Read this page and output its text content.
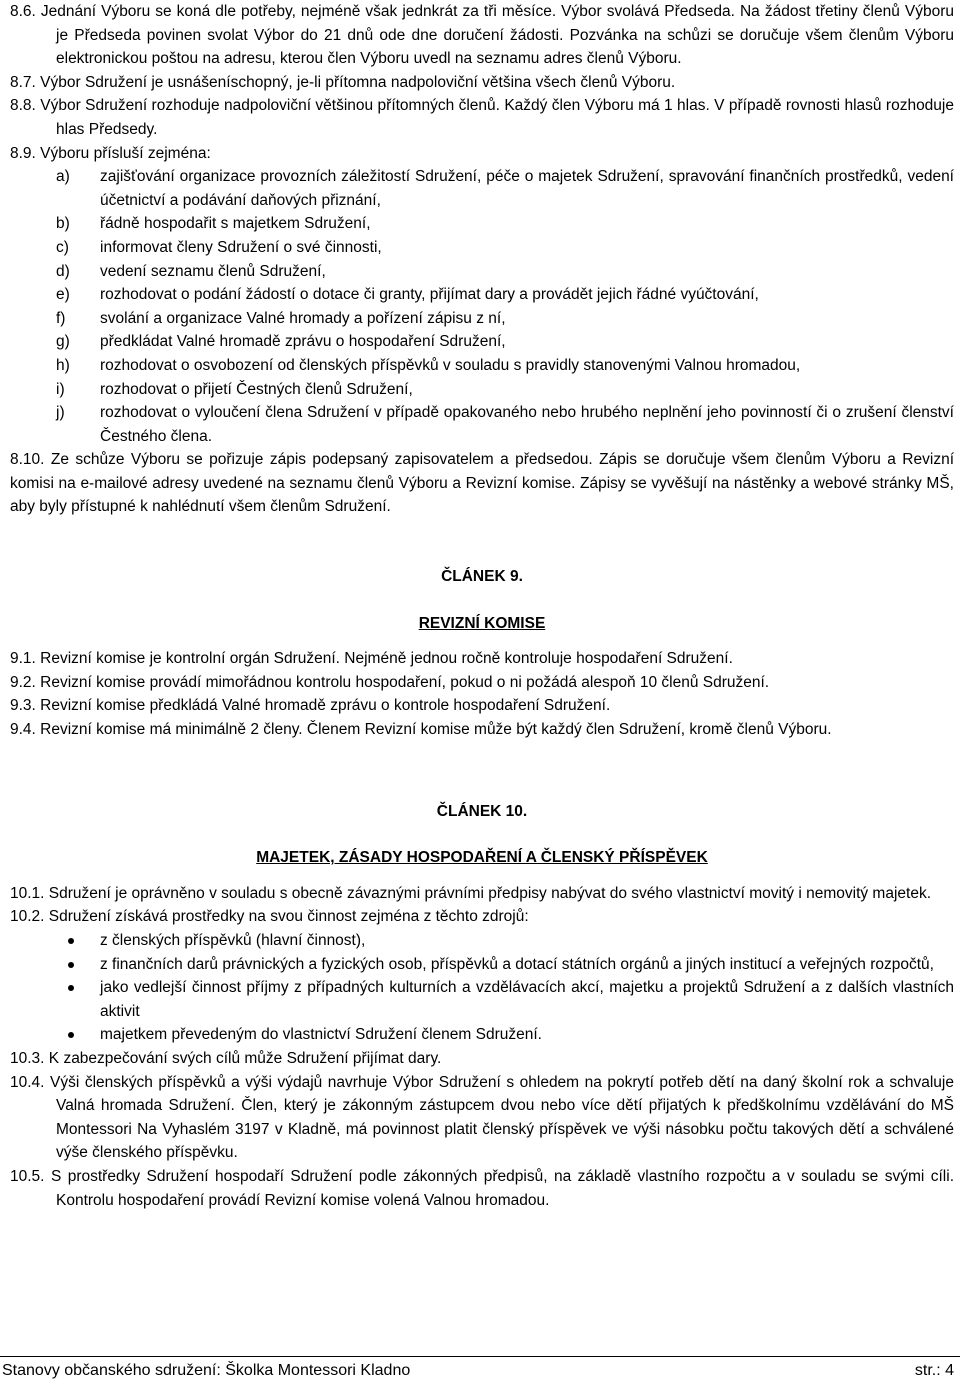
8.6. Jednání Výboru se koná dle potřeby, nejméně však jednkrát za tři měsíce. Výbor svolává Předseda. Na žádost třetiny členů Výboru je Předseda povinen svolat Výbor do 21 dnů ode dne doručení žádosti. Pozvánka na schůzi se doručuje všem členům Výboru elektronickou poštou na adresu, kterou člen Výboru uvedl na seznamu adres členů Výboru.
8.7. Výbor Sdružení je usnášeníschopný, je-li přítomna nadpoloviční většina všech členů Výboru.
8.8. Výbor Sdružení rozhoduje nadpoloviční většinou přítomných členů. Každý člen Výboru má 1 hlas. V případě rovnosti hlasů rozhoduje hlas Předsedy.
8.9. Výboru přísluší zejména:
a)	zajišťování organizace provozních záležitostí Sdružení, péče o majetek Sdružení, spravování finančních prostředků, vedení účetnictví a podávání daňových přiznání,
b)	řádně hospodařit s majetkem Sdružení,
c)	informovat členy Sdružení o své činnosti,
d)	vedení seznamu členů Sdružení,
e)	rozhodovat o podání žádostí o dotace či granty, přijímat dary a provádět jejich řádné vyúčtování,
f)	svolání a organizace Valné hromady a pořízení zápisu z ní,
g)	předkládat Valné hromadě zprávu o hospodaření Sdružení,
h)	rozhodovat o osvobození od členských příspěvků v souladu s pravidly stanovenými Valnou hromadou,
i)	rozhodovat o přijetí Čestných členů Sdružení,
j)	rozhodovat o vyloučení člena Sdružení v případě opakovaného nebo hrubého neplnění jeho povinností či o zrušení členství Čestného člena.
8.10. Ze schůze Výboru se pořizuje zápis podepsaný zapisovatelem a předsedou. Zápis se doručuje všem členům Výboru a Revizní komisi na e-mailové adresy uvedené na seznamu členů Výboru a Revizní komise. Zápisy se vyvěšují na nástěnky a webové stránky MŠ, aby byly přístupné k nahlédnutí všem členům Sdružení.
ČLÁNEK 9.
REVIZNÍ KOMISE
9.1. Revizní komise je kontrolní orgán Sdružení. Nejméně jednou ročně kontroluje hospodaření Sdružení.
9.2. Revizní komise provádí mimořádnou kontrolu hospodaření, pokud o ni požádá alespoň 10 členů Sdružení.
9.3. Revizní komise předkládá Valné hromadě zprávu o kontrole hospodaření Sdružení.
9.4. Revizní komise má minimálně 2 členy. Členem Revizní komise může být každý člen Sdružení, kromě členů Výboru.
ČLÁNEK 10.
MAJETEK, ZÁSADY HOSPODAŘENÍ A ČLENSKÝ PŘÍSPĚVEK
10.1. Sdružení je oprávněno v souladu s obecně závaznými právními předpisy nabývat do svého vlastnictví movitý i nemovitý majetek.
10.2. Sdružení získává prostředky na svou činnost zejména z těchto zdrojů:
z členských příspěvků (hlavní činnost),
z finančních darů právnických a fyzických osob, příspěvků a dotací státních orgánů a jiných institucí a veřejných rozpočtů,
jako vedlejší činnost příjmy z případných kulturních a vzdělávacích akcí, majetku a projektů Sdružení a z dalších vlastních aktivit
majetkem převedeným do vlastnictví Sdružení členem Sdružení.
10.3. K zabezpečování svých cílů může Sdružení přijímat dary.
10.4. Výši členských příspěvků a výši výdajů navrhuje Výbor Sdružení s ohledem na pokrytí potřeb dětí na daný školní rok a schvaluje Valná hromada Sdružení. Člen, který je zákonným zástupcem dvou nebo více dětí přijatých k předškolnímu vzdělávání do MŠ Montessori Na Vyhaslém 3197 v Kladně, má povinnost platit členský příspěvek ve výši násobku počtu takových dětí a schválené výše členského příspěvku.
10.5. S prostředky Sdružení hospodaří Sdružení podle zákonných předpisů, na základě vlastního rozpočtu a v souladu se svými cíli. Kontrolu hospodaření provádí Revizní komise volená Valnou hromadou.
Stanovy občanského sdružení: Školka Montessori Kladno	str.: 4
